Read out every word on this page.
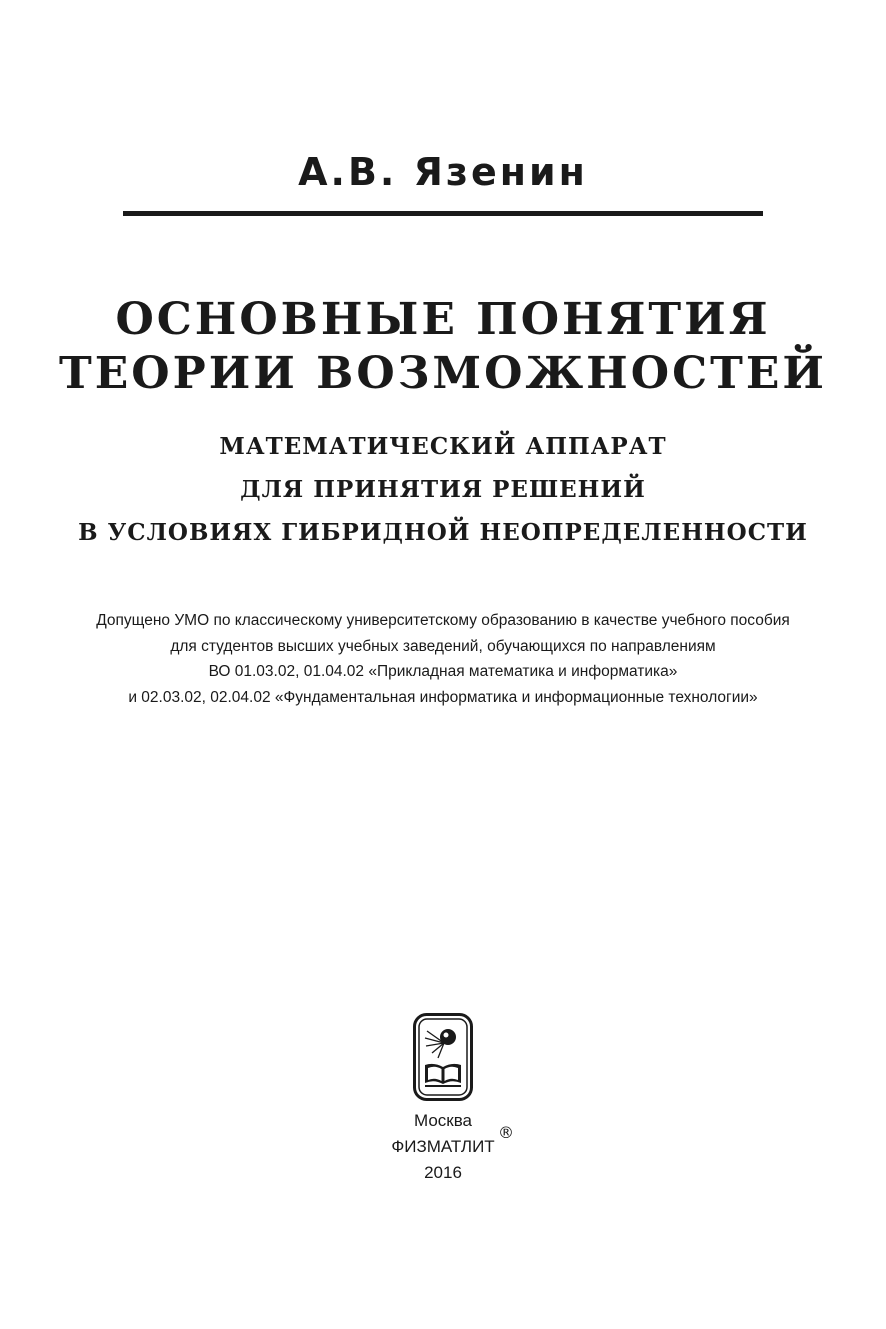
А.В. Язенин
ОСНОВНЫЕ ПОНЯТИЯ
ТЕОРИИ ВОЗМОЖНОСТЕЙ
МАТЕМАТИЧЕСКИЙ АППАРАТ
ДЛЯ ПРИНЯТИЯ РЕШЕНИЙ
В УСЛОВИЯХ ГИБРИДНОЙ НЕОПРЕДЕЛЕННОСТИ
Допущено УМО по классическому университетскому образованию в качестве учебного пособия
для студентов высших учебных заведений, обучающихся по направлениям
ВО 01.03.02, 01.04.02 «Прикладная математика и информатика»
и 02.03.02, 02.04.02 «Фундаментальная информатика и информационные технологии»
Москва
ФИЗМАТЛИТ
2016
®
